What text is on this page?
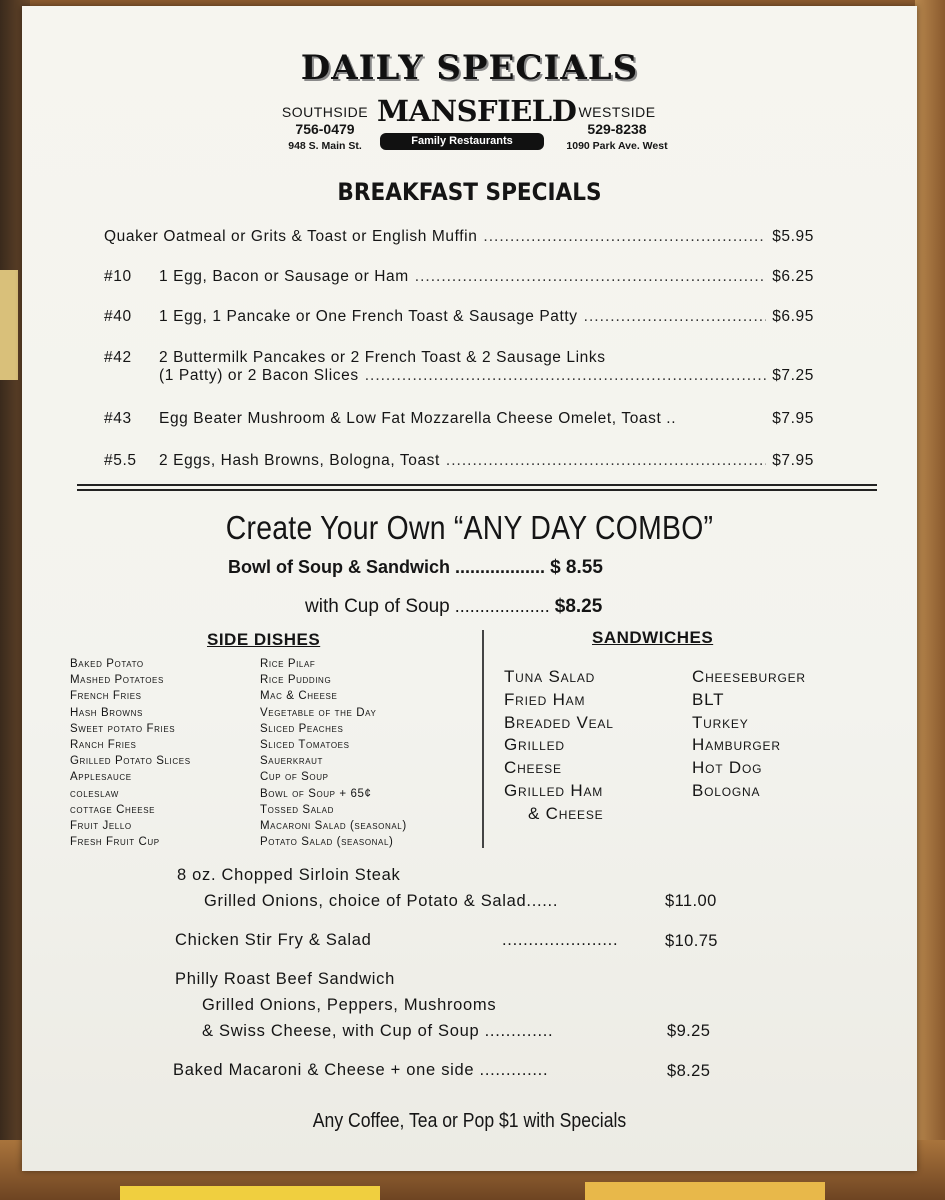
DAILY SPECIALS
SOUTHSIDE
756-0479
948 S. Main St.
MANSFIELD
Family Restaurants
WESTSIDE
529-8238
1090 Park Ave. West
BREAKFAST SPECIALS
Quaker Oatmeal or Grits & Toast or English Muffin .....	$5.95
#10	1 Egg, Bacon or Sausage or Ham .....	$6.25
#40	1 Egg, 1 Pancake or One French Toast & Sausage Patty .....	$6.95
#42	2 Buttermilk Pancakes or 2 French Toast & 2 Sausage Links
(1 Patty) or 2 Bacon Slices .....	$7.25
#43	Egg Beater Mushroom & Low Fat Mozzarella Cheese Omelet, Toast ..	$7.95
#5.5	2 Eggs, Hash Browns, Bologna, Toast .....	$7.95
Create Your Own “ANY DAY COMBO”
Bowl of Soup & Sandwich .................. $ 8.55
with Cup of Soup ................... $8.25
SIDE DISHES
Baked Potato
Mashed Potatoes
French Fries
Hash Browns
Sweet potato Fries
Ranch Fries
Grilled Potato Slices
Applesauce
coleslaw
cottage Cheese
Fruit Jello
Fresh Fruit Cup
Rice Pilaf
Rice Pudding
Mac & Cheese
Vegetable of the Day
Sliced Peaches
Sliced Tomatoes
Sauerkraut
Cup of Soup
Bowl of Soup + 65¢
Tossed Salad
Macaroni Salad (seasonal)
Potato Salad (seasonal)
SANDWICHES
Tuna Salad
Fried Ham
Breaded Veal
Grilled
Cheese
Grilled Ham
& Cheese
Cheeseburger
BLT
Turkey
Hamburger
Hot Dog
Bologna
8 oz. Chopped Sirloin Steak
Grilled Onions, choice of Potato & Salad......	$11.00
Chicken Stir Fry & Salad	......................	$10.75
Philly Roast Beef Sandwich
Grilled Onions, Peppers, Mushrooms
& Swiss Cheese, with Cup of Soup .............	$9.25
Baked Macaroni & Cheese + one side .............	$8.25
Any Coffee, Tea or Pop $1 with Specials
